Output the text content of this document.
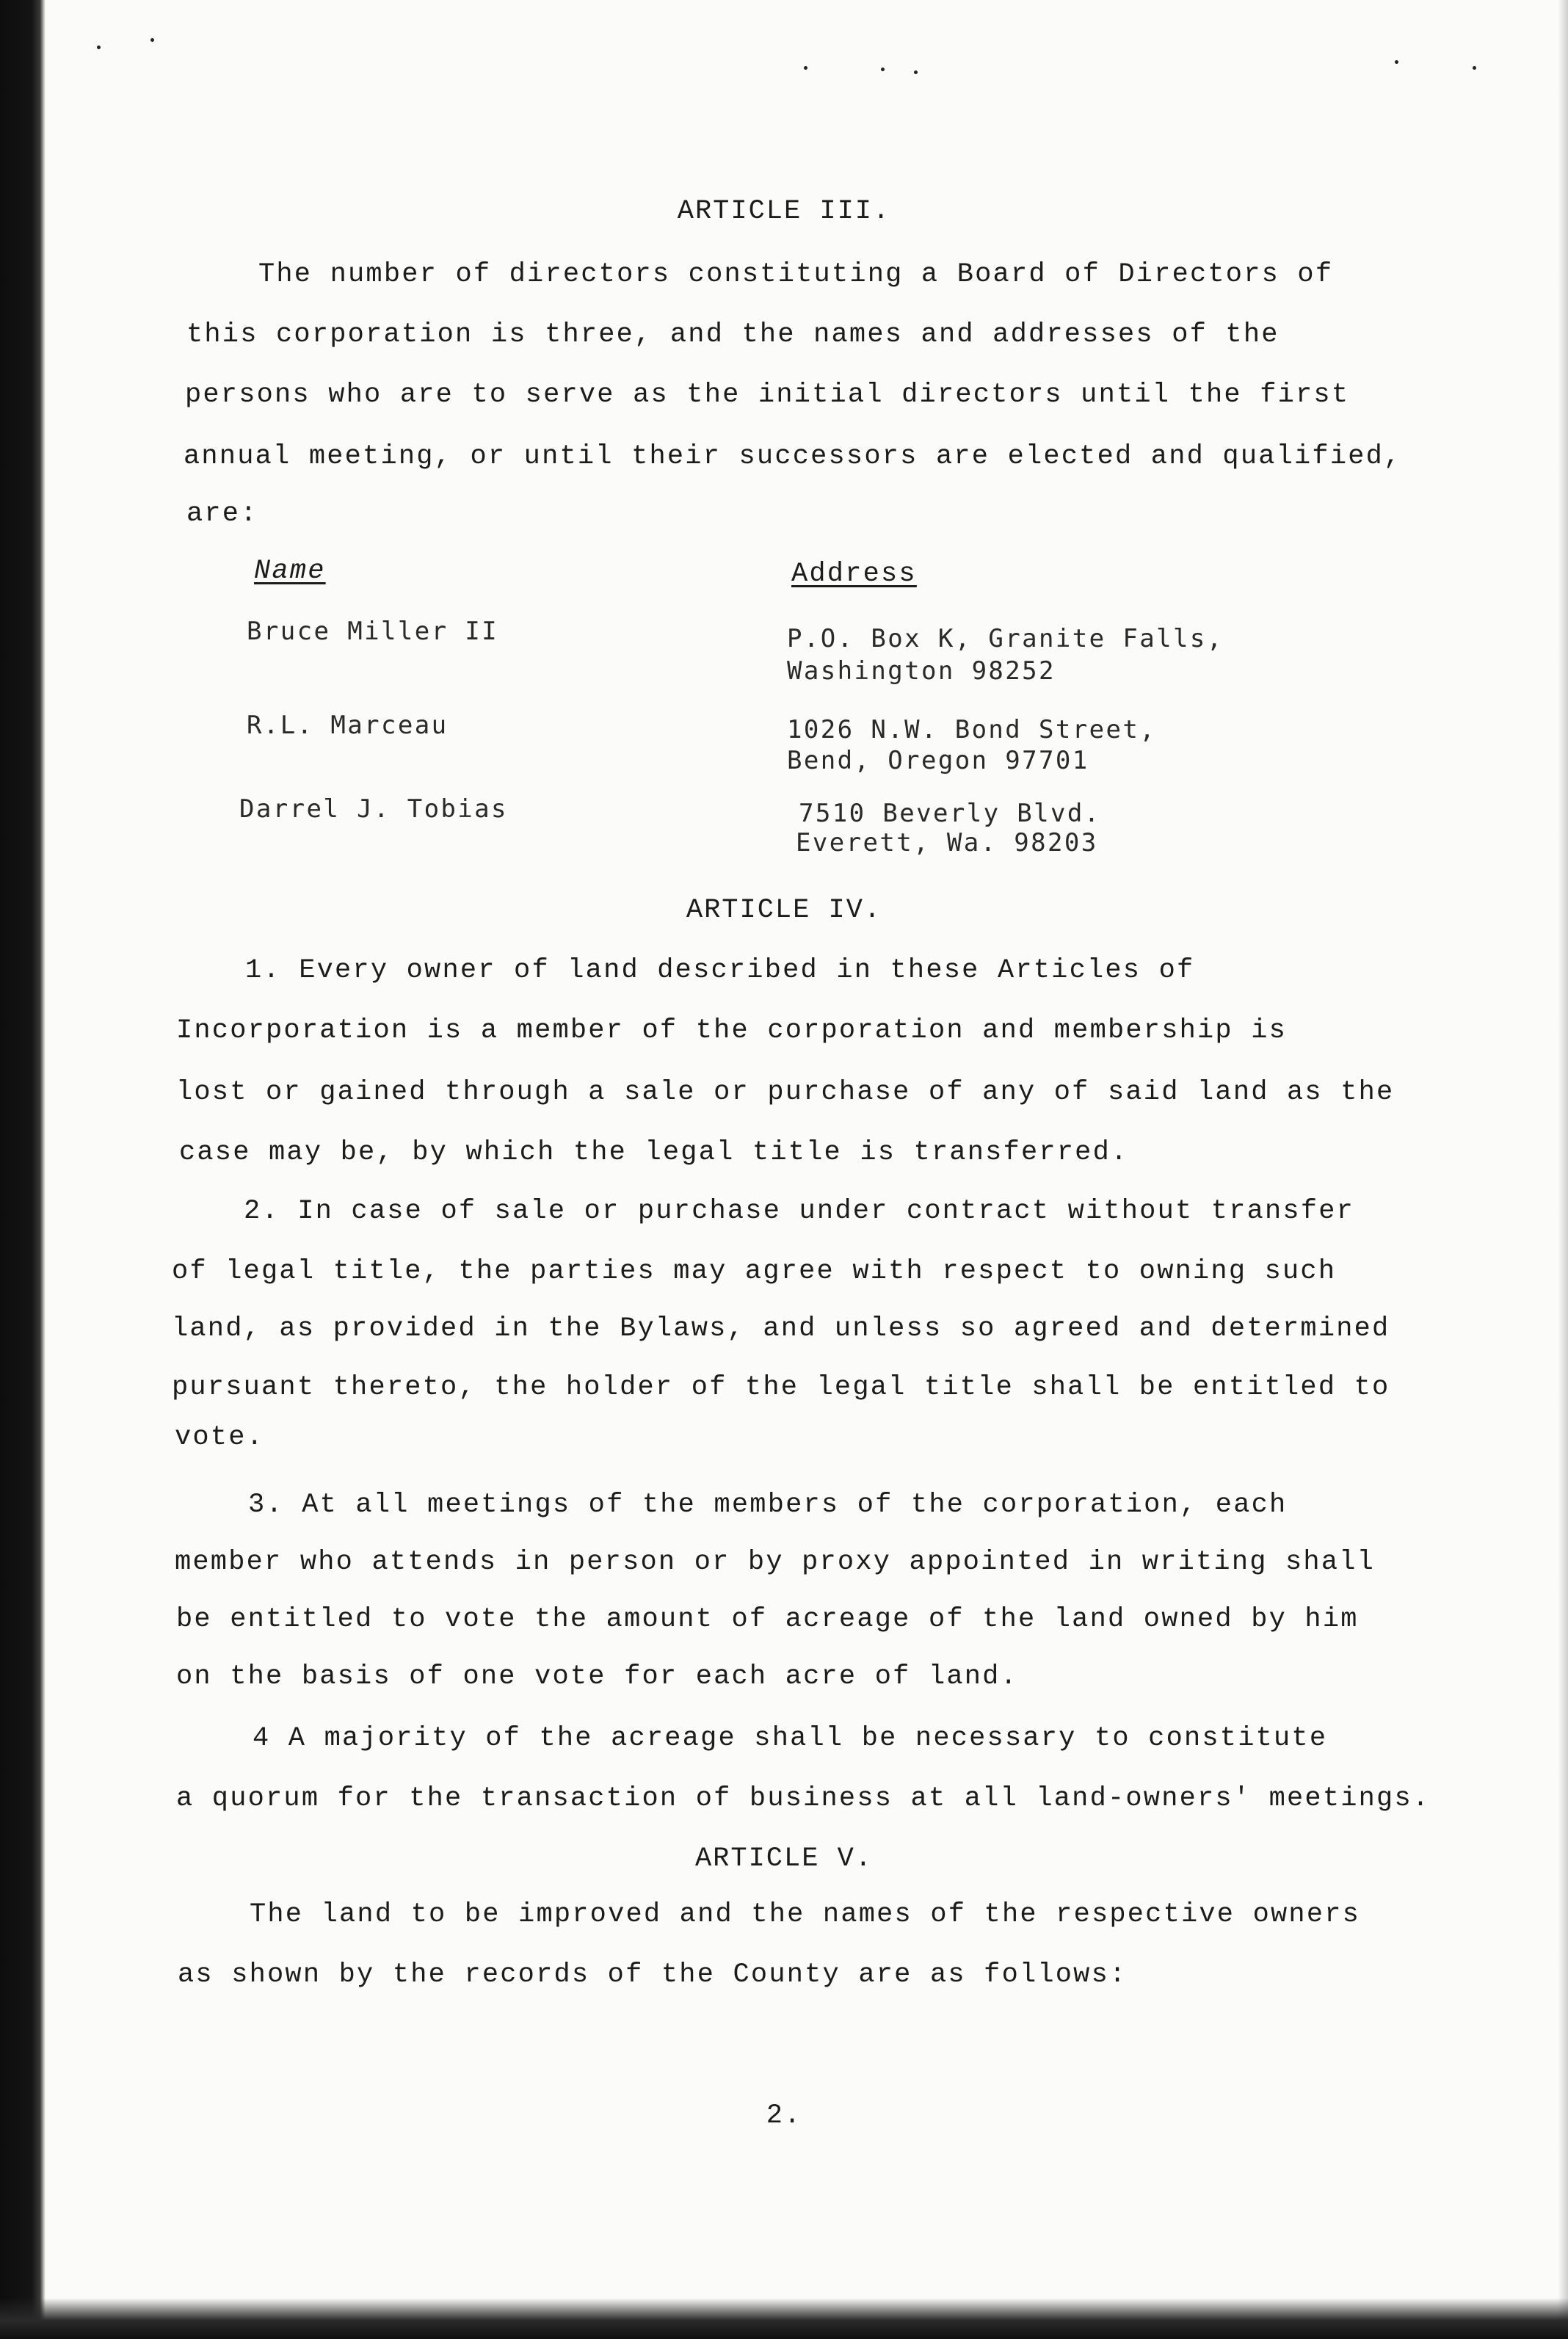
ARTICLE III.
The number of directors constituting a Board of Directors of
this corporation is three, and the names and addresses of the
persons who are to serve as the initial directors until the first
annual meeting, or until their successors are elected and qualified,
are:
Name	Address
Bruce Miller II	P.O. Box K, Granite Falls,
Washington 98252
R.L. Marceau	1026 N.W. Bond Street,
Bend, Oregon 97701
Darrel J. Tobias	7510 Beverly Blvd.
Everett, Wa. 98203
ARTICLE IV.
1. Every owner of land described in these Articles of
Incorporation is a member of the corporation and membership is
lost or gained through a sale or purchase of any of said land as the
case may be, by which the legal title is transferred.
2. In case of sale or purchase under contract without transfer
of legal title, the parties may agree with respect to owning such
land, as provided in the Bylaws, and unless so agreed and determined
pursuant thereto, the holder of the legal title shall be entitled to
vote.
3. At all meetings of the members of the corporation, each
member who attends in person or by proxy appointed in writing shall
be entitled to vote the amount of acreage of the land owned by him
on the basis of one vote for each acre of land.
4 A majority of the acreage shall be necessary to constitute
a quorum for the transaction of business at all land-owners' meetings.
ARTICLE V.
The land to be improved and the names of the respective owners
as shown by the records of the County are as follows:
2.
